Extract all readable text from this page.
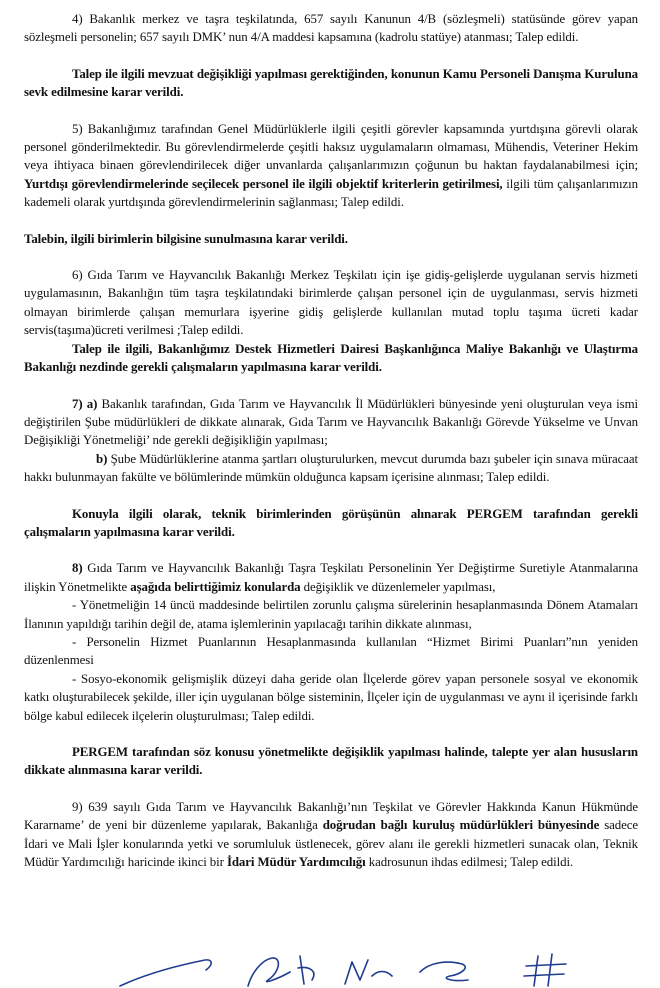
4) Bakanlık merkez ve taşra teşkilatında, 657 sayılı Kanunun 4/B (sözleşmeli) statüsünde görev yapan sözleşmeli personelin; 657 sayılı DMK’ nun 4/A maddesi kapsamına (kadrolu statüye) atanması; Talep edildi.

Talep ile ilgili mevzuat değişikliği yapılması gerektiğinden, konunun Kamu Personeli Danışma Kuruluna sevk edilmesine karar verildi.

5) Bakanlığımız tarafından Genel Müdürlüklerle ilgili çeşitli görevler kapsamında yurtdışına görevli olarak personel gönderilmektedir. Bu görevlendirmelerde çeşitli haksız uygulamaların olmaması, Mühendis, Veteriner Hekim veya ihtiyaca binaen görevlendirilecek diğer unvanlarda çalışanlarımızın çoğunun bu haktan faydalanabilmesi için; Yurtdışı görevlendirmelerinde seçilecek personel ile ilgili objektif kriterlerin getirilmesi, ilgili tüm çalışanlarımızın kademeli olarak yurtdışında görevlendirmelerinin sağlanması; Talep edildi.

Talebin, ilgili birimlerin bilgisine sunulmasına karar verildi.

6) Gıda Tarım ve Hayvancılık Bakanlığı Merkez Teşkilatı için işe gidiş-gelişlerde uygulanan servis hizmeti uygulamasının, Bakanlığın tüm taşra teşkilatındaki birimlerde çalışan personel için de uygulanması, servis hizmeti olmayan birimlerde çalışan memurlara işyerine gidiş gelişlerde kullanılan mutad toplu taşıma ücreti kadar servis(taşıma)ücreti verilmesi ;Talep edildi.

Talep ile ilgili, Bakanlığımız Destek Hizmetleri Dairesi Başkanlığınca Maliye Bakanlığı ve Ulaştırma Bakanlığı nezdinde gerekli çalışmaların yapılmasına karar verildi.

7) a) Bakanlık tarafından, Gıda Tarım ve Hayvancılık İl Müdürlükleri bünyesinde yeni oluşturulan veya ismi değiştirilen Şube müdürlükleri de dikkate alınarak, Gıda Tarım ve Hayvancılık Bakanlığı Görevde Yükselme ve Unvan Değişikliği Yönetmeliği’ nde gerekli değişikliğin yapılması;

b) Şube Müdürlüklerine atanma şartları oluşturulurken, mevcut durumda bazı şubeler için sınava müracaat hakkı bulunmayan fakülte ve bölümlerinde mümkün olduğunca kapsam içerisine alınması; Talep edildi.

Konuyla ilgili olarak, teknik birimlerinden görüşünün alınarak PERGEM tarafından gerekli çalışmaların yapılmasına karar verildi.

8) Gıda Tarım ve Hayvancılık Bakanlığı Taşra Teşkilatı Personelinin Yer Değiştirme Suretiyle Atanmalarına ilişkin Yönetmelikte aşağıda belirttiğimiz konularda değişiklik ve düzenlemeler yapılması,

- Yönetmeliğin 14 üncü maddesinde belirtilen zorunlu çalışma sürelerinin hesaplanmasında Dönem Atamaları İlanının yapıldığı tarihin değil de, atama işlemlerinin yapılacağı tarihin dikkate alınması,

- Personelin Hizmet Puanlarının Hesaplanmasında kullanılan “Hizmet Birimi Puanları”nın yeniden düzenlenmesi

- Sosyo-ekonomik gelişmişlik düzeyi daha geride olan İlçelerde görev yapan personele sosyal ve ekonomik katkı oluşturabilecek şekilde, iller için uygulanan bölge sisteminin, İlçeler için de uygulanması ve aynı il içerisinde farklı bölge kabul edilecek ilçelerin oluşturulması; Talep edildi.

PERGEM tarafından söz konusu yönetmelikte değişiklik yapılması halinde, talepte yer alan hususların dikkate alınmasına karar verildi.

9) 639 sayılı Gıda Tarım ve Hayvancılık Bakanlığı’nın Teşkilat ve Görevler Hakkında Kanun Hükmünde Kararname’ de yeni bir düzenleme yapılarak, Bakanlığa doğrudan bağlı kuruluş müdürlükleri bünyesinde sadece İdari ve Mali İşler konularında yetki ve sorumluluk üstlenecek, görev alanı ile gerekli hizmetleri sunacak olan, Teknik Müdür Yardımcılığı haricinde ikinci bir İdari Müdür Yardımcılığı kadrosunun ihdas edilmesi; Talep edildi.
